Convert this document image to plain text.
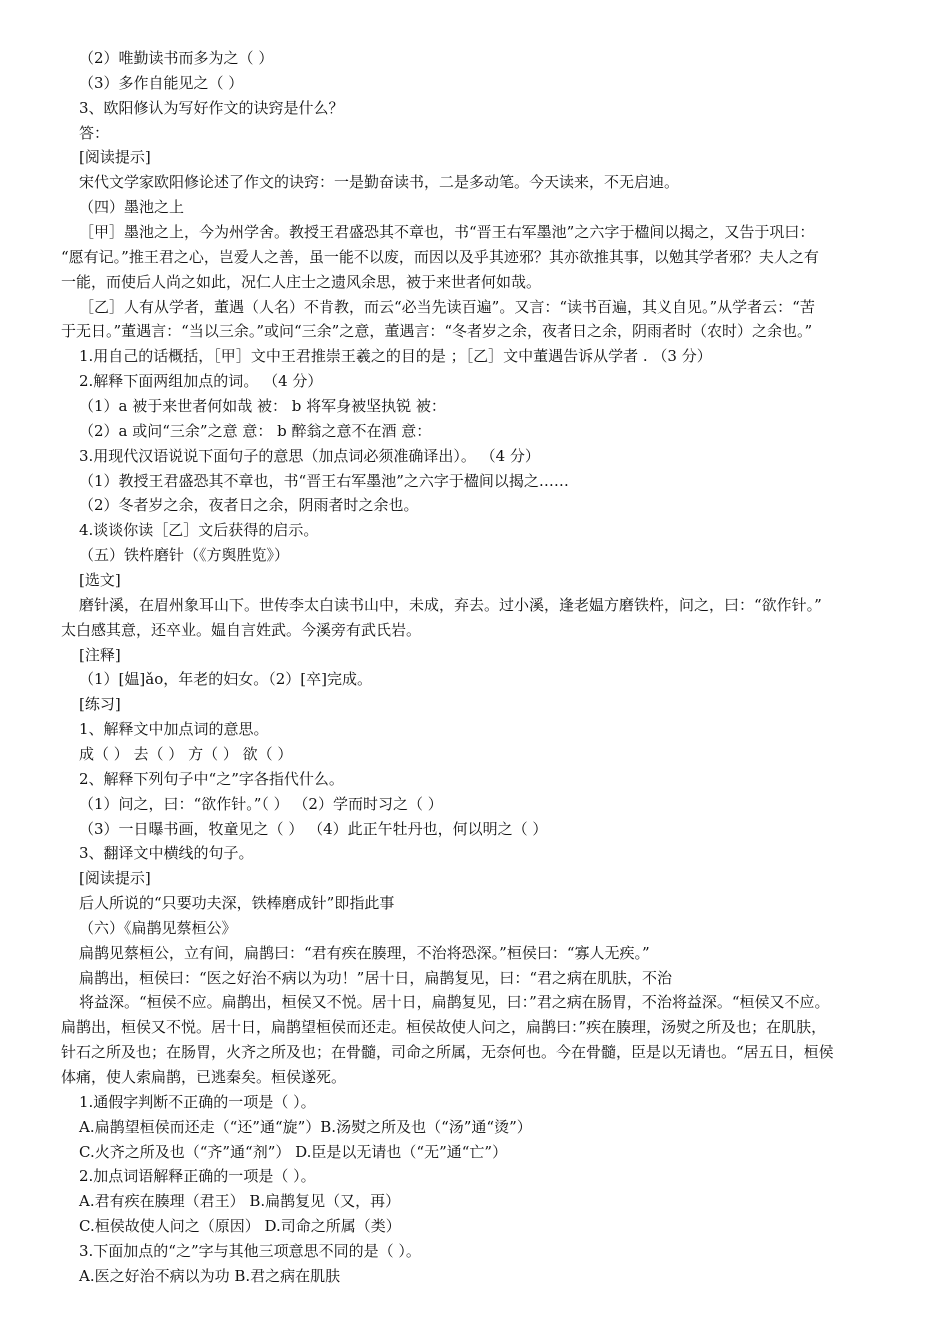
（2）唯勤读书而多为之（ ）
（3）多作自能见之（ ）
3、欧阳修认为写好作文的诀窍是什么？
答：
[阅读提示]
宋代文学家欧阳修论述了作文的诀窍：一是勤奋读书，二是多动笔。今天读来，不无启迪。
（四）墨池之上
［甲］墨池之上，今为州学舍。教授王君盛恐其不章也，书“晋王右军墨池”之六字于楹间以揭之，又告于巩曰：
“愿有记。”推王君之心，岂爱人之善，虽一能不以废，而因以及乎其迹邪？其亦欲推其事，以勉其学者邪？夫人之有
一能，而使后人尚之如此，况仁人庄士之遗风余思，被于来世者何如哉。
［乙］人有从学者，董遇（人名）不肯教，而云“必当先读百遍”。又言：“读书百遍，其义自见。”从学者云：“苦
于无日。”董遇言：“当以三余。”或问“三余”之意，董遇言：“冬者岁之余，夜者日之余，阴雨者时（农时）之余也。”
1.用自己的话概括，［甲］文中王君推崇王羲之的目的是 ；［乙］文中董遇告诉从学者 . （3 分）
2.解释下面两组加点的词。 （4 分）
（1）a 被于来世者何如哉 被： b 将军身被坚执锐 被：
（2）a 或问“三余”之意 意： b 醉翁之意不在酒 意：
3.用现代汉语说说下面句子的意思（加点词必须准确译出）。 （4 分）
（1）教授王君盛恐其不章也，书“晋王右军墨池”之六字于楹间以揭之……
（2）冬者岁之余，夜者日之余，阴雨者时之余也。
4.谈谈你读［乙］文后获得的启示。
（五）铁杵磨针（《方舆胜览》）
[选文]
磨针溪，在眉州象耳山下。世传李太白读书山中，未成，弃去。过小溪，逢老媪方磨铁杵，问之，曰：“欲作针。”
太白感其意，还卒业。媪自言姓武。今溪旁有武氏岩。
[注释]
（1）[媪]ǎo，年老的妇女。（2）[卒]完成。
[练习]
1、解释文中加点词的意思。
成（ ） 去（ ） 方（ ） 欲（ ）
2、解释下列句子中“之”字各指代什么。
（1）问之，曰：“欲作针。”（ ） （2）学而时习之（ ）
（3）一日曝书画，牧童见之（ ） （4）此正午牡丹也，何以明之（ ）
3、翻译文中横线的句子。
[阅读提示]
后人所说的“只要功夫深，铁棒磨成针”即指此事
（六）《扁鹊见蔡桓公》
扁鹊见蔡桓公，立有间，扁鹊曰：“君有疾在腠理，不治将恐深。”桓侯曰：“寡人无疾。”
扁鹊出，桓侯曰：“医之好治不病以为功！”居十日，扁鹊复见，曰：“君之病在肌肤，不治
将益深。“桓侯不应。扁鹊出，桓侯又不悦。居十日，扁鹊复见，曰：”君之病在肠胃，不治将益深。“桓侯又不应。
扁鹊出，桓侯又不悦。居十日，扁鹊望桓侯而还走。桓侯故使人问之，扁鹊曰：”疾在腠理，汤熨之所及也；在肌肤，
针石之所及也；在肠胃，火齐之所及也；在骨髓，司命之所属，无奈何也。今在骨髓，臣是以无请也。“居五日，桓侯
体痛，使人索扁鹊，已逃秦矣。桓侯遂死。
1.通假字判断不正确的一项是（ ）。
A.扁鹊望桓侯而还走（“还”通“旋”）B.汤熨之所及也（“汤”通“烫”）
C.火齐之所及也（“齐”通“剂”） D.臣是以无请也（“无”通“亡”）
2.加点词语解释正确的一项是（ ）。
A.君有疾在腠理（君王） B.扁鹊复见（又，再）
C.桓侯故使人问之（原因） D.司命之所属（类）
3.下面加点的“之”字与其他三项意思不同的是（ ）。
A.医之好治不病以为功 B.君之病在肌肤
